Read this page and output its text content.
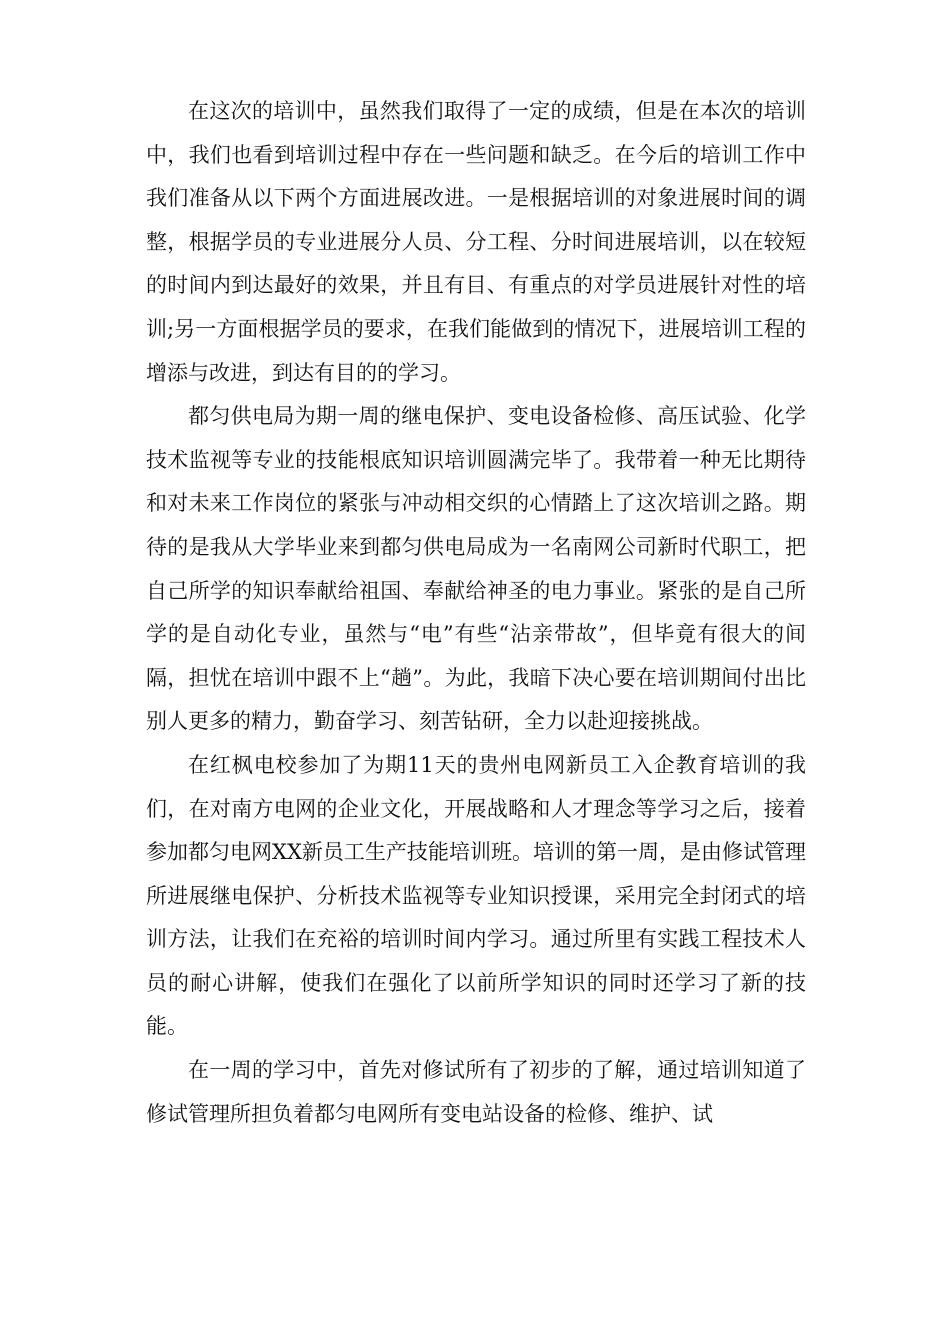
在这次的培训中，虽然我们取得了一定的成绩，但是在本次的培训中，我们也看到培训过程中存在一些问题和缺乏。在今后的培训工作中我们准备从以下两个方面进展改进。一是根据培训的对象进展时间的调整，根据学员的专业进展分人员、分工程、分时间进展培训，以在较短的时间内到达最好的效果，并且有目、有重点的对学员进展针对性的培训;另一方面根据学员的要求，在我们能做到的情况下，进展培训工程的增添与改进，到达有目的的学习。

都匀供电局为期一周的继电保护、变电设备检修、高压试验、化学技术监视等专业的技能根底知识培训圆满完毕了。我带着一种无比期待和对未来工作岗位的紧张与冲动相交织的心情踏上了这次培训之路。期待的是我从大学毕业来到都匀供电局成为一名南网公司新时代职工，把自己所学的知识奉献给祖国、奉献给神圣的电力事业。紧张的是自己所学的是自动化专业，虽然与“电”有些“沾亲带故”，但毕竟有很大的间隔，担忧在培训中跟不上“趟”。为此，我暗下决心要在培训期间付出比别人更多的精力，勤奋学习、刻苦钻研，全力以赴迎接挑战。

在红枫电校参加了为期11天的贵州电网新员工入企教育培训的我们，在对南方电网的企业文化，开展战略和人才理念等学习之后，接着参加都匀电网XX新员工生产技能培训班。培训的第一周，是由修试管理所进展继电保护、分析技术监视等专业知识授课，采用完全封闭式的培训方法，让我们在充裕的培训时间内学习。通过所里有实践工程技术人员的耐心讲解，使我们在强化了以前所学知识的同时还学习了新的技能。

在一周的学习中，首先对修试所有了初步的了解，通过培训知道了修试管理所担负着都匀电网所有变电站设备的检修、维护、试
